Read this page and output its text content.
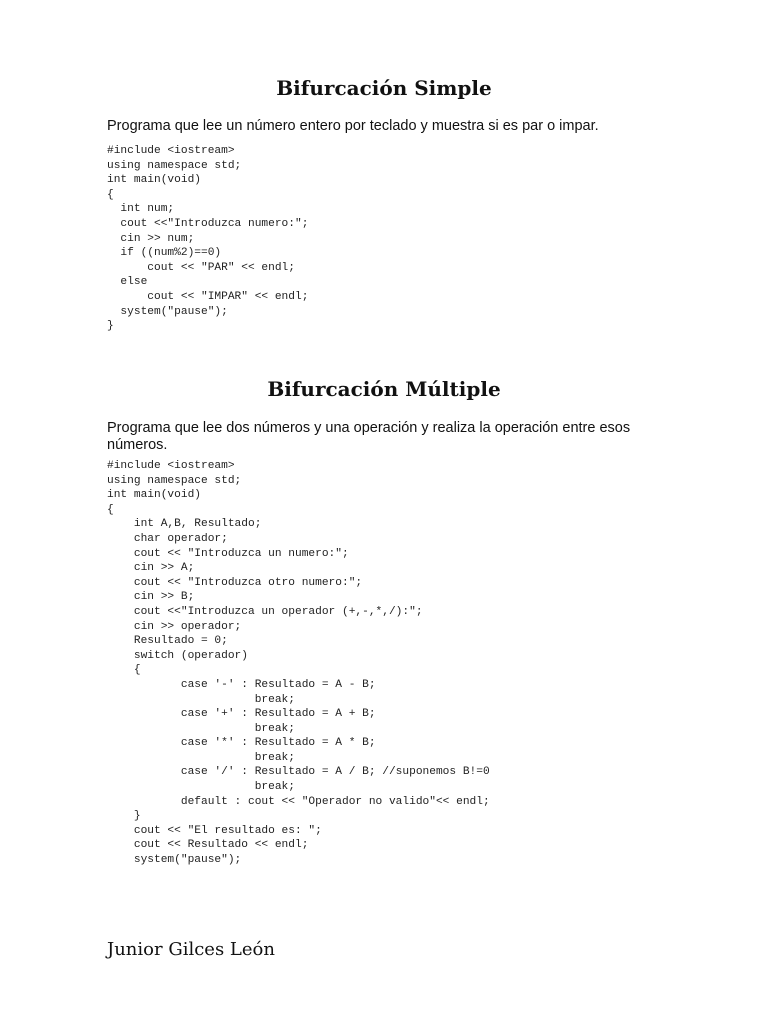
Bifurcación Simple

Programa que lee un número entero por teclado y muestra si es par o impar.

#include <iostream>
using namespace std;
int main(void)
{
int num;
cout <<"Introduzca numero:";
cin >> num;
if ((num%2)==0)
cout << "PAR" << endl;
else
cout << "IMPAR" << endl;
system("pause");
}
Bifurcación Múltiple

Programa que lee dos números y una operación y realiza la operación entre esos números.

#include <iostream>
using namespace std;
int main(void)
{
int A,B, Resultado;
char operador;
cout << "Introduzca un numero:";
cin >> A;
cout << "Introduzca otro numero:";
cin >> B;
cout <<"Introduzca un operador (+,-,*,/):";
cin >> operador;
Resultado = 0;
switch (operador)
{
case '-' : Resultado = A - B;
break;
case '+' : Resultado = A + B;
break;
case '*' : Resultado = A * B;
break;
case '/' : Resultado = A / B; //suponemos B!=0
break;
default : cout << "Operador no valido"<< endl;
}
cout << "El resultado es: ";
cout << Resultado << endl;
system("pause");

Junior Gilces León
